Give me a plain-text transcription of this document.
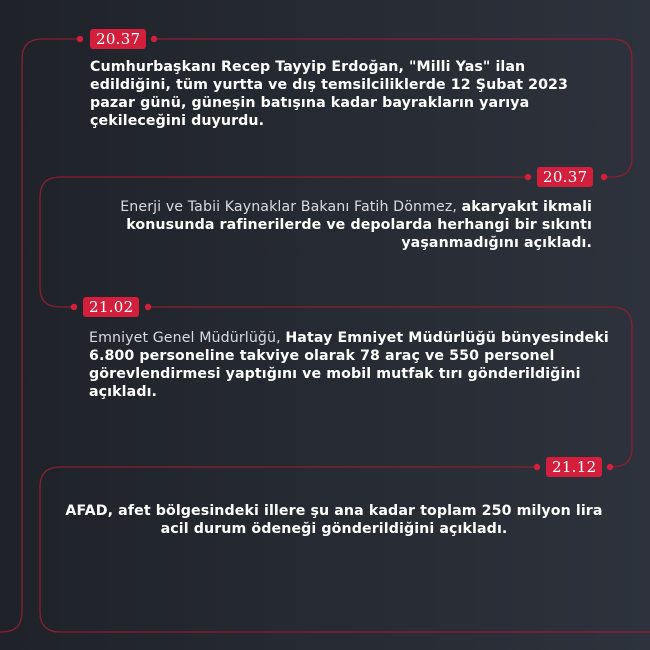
20.37
Cumhurbaşkanı Recep Tayyip Erdoğan, "Milli Yas" ilan edildiğini, tüm yurtta ve dış temsilciliklerde 12 Şubat 2023 pazar günü, güneşin batışına kadar bayrakların yarıya çekileceğini duyurdu.
20.37
Enerji ve Tabii Kaynaklar Bakanı Fatih Dönmez, akaryakıt ikmali konusunda rafinerilerde ve depolarda herhangi bir sıkıntı yaşanmadığını açıkladı.
21.02
Emniyet Genel Müdürlüğü, Hatay Emniyet Müdürlüğü bünyesindeki 6.800 personeline takviye olarak 78 araç ve 550 personel görevlendirmesi yaptığını ve mobil mutfak tırı gönderildiğini açıkladı.
21.12
AFAD, afet bölgesindeki illere şu ana kadar toplam 250 milyon lira acil durum ödeneği gönderildiğini açıkladı.
